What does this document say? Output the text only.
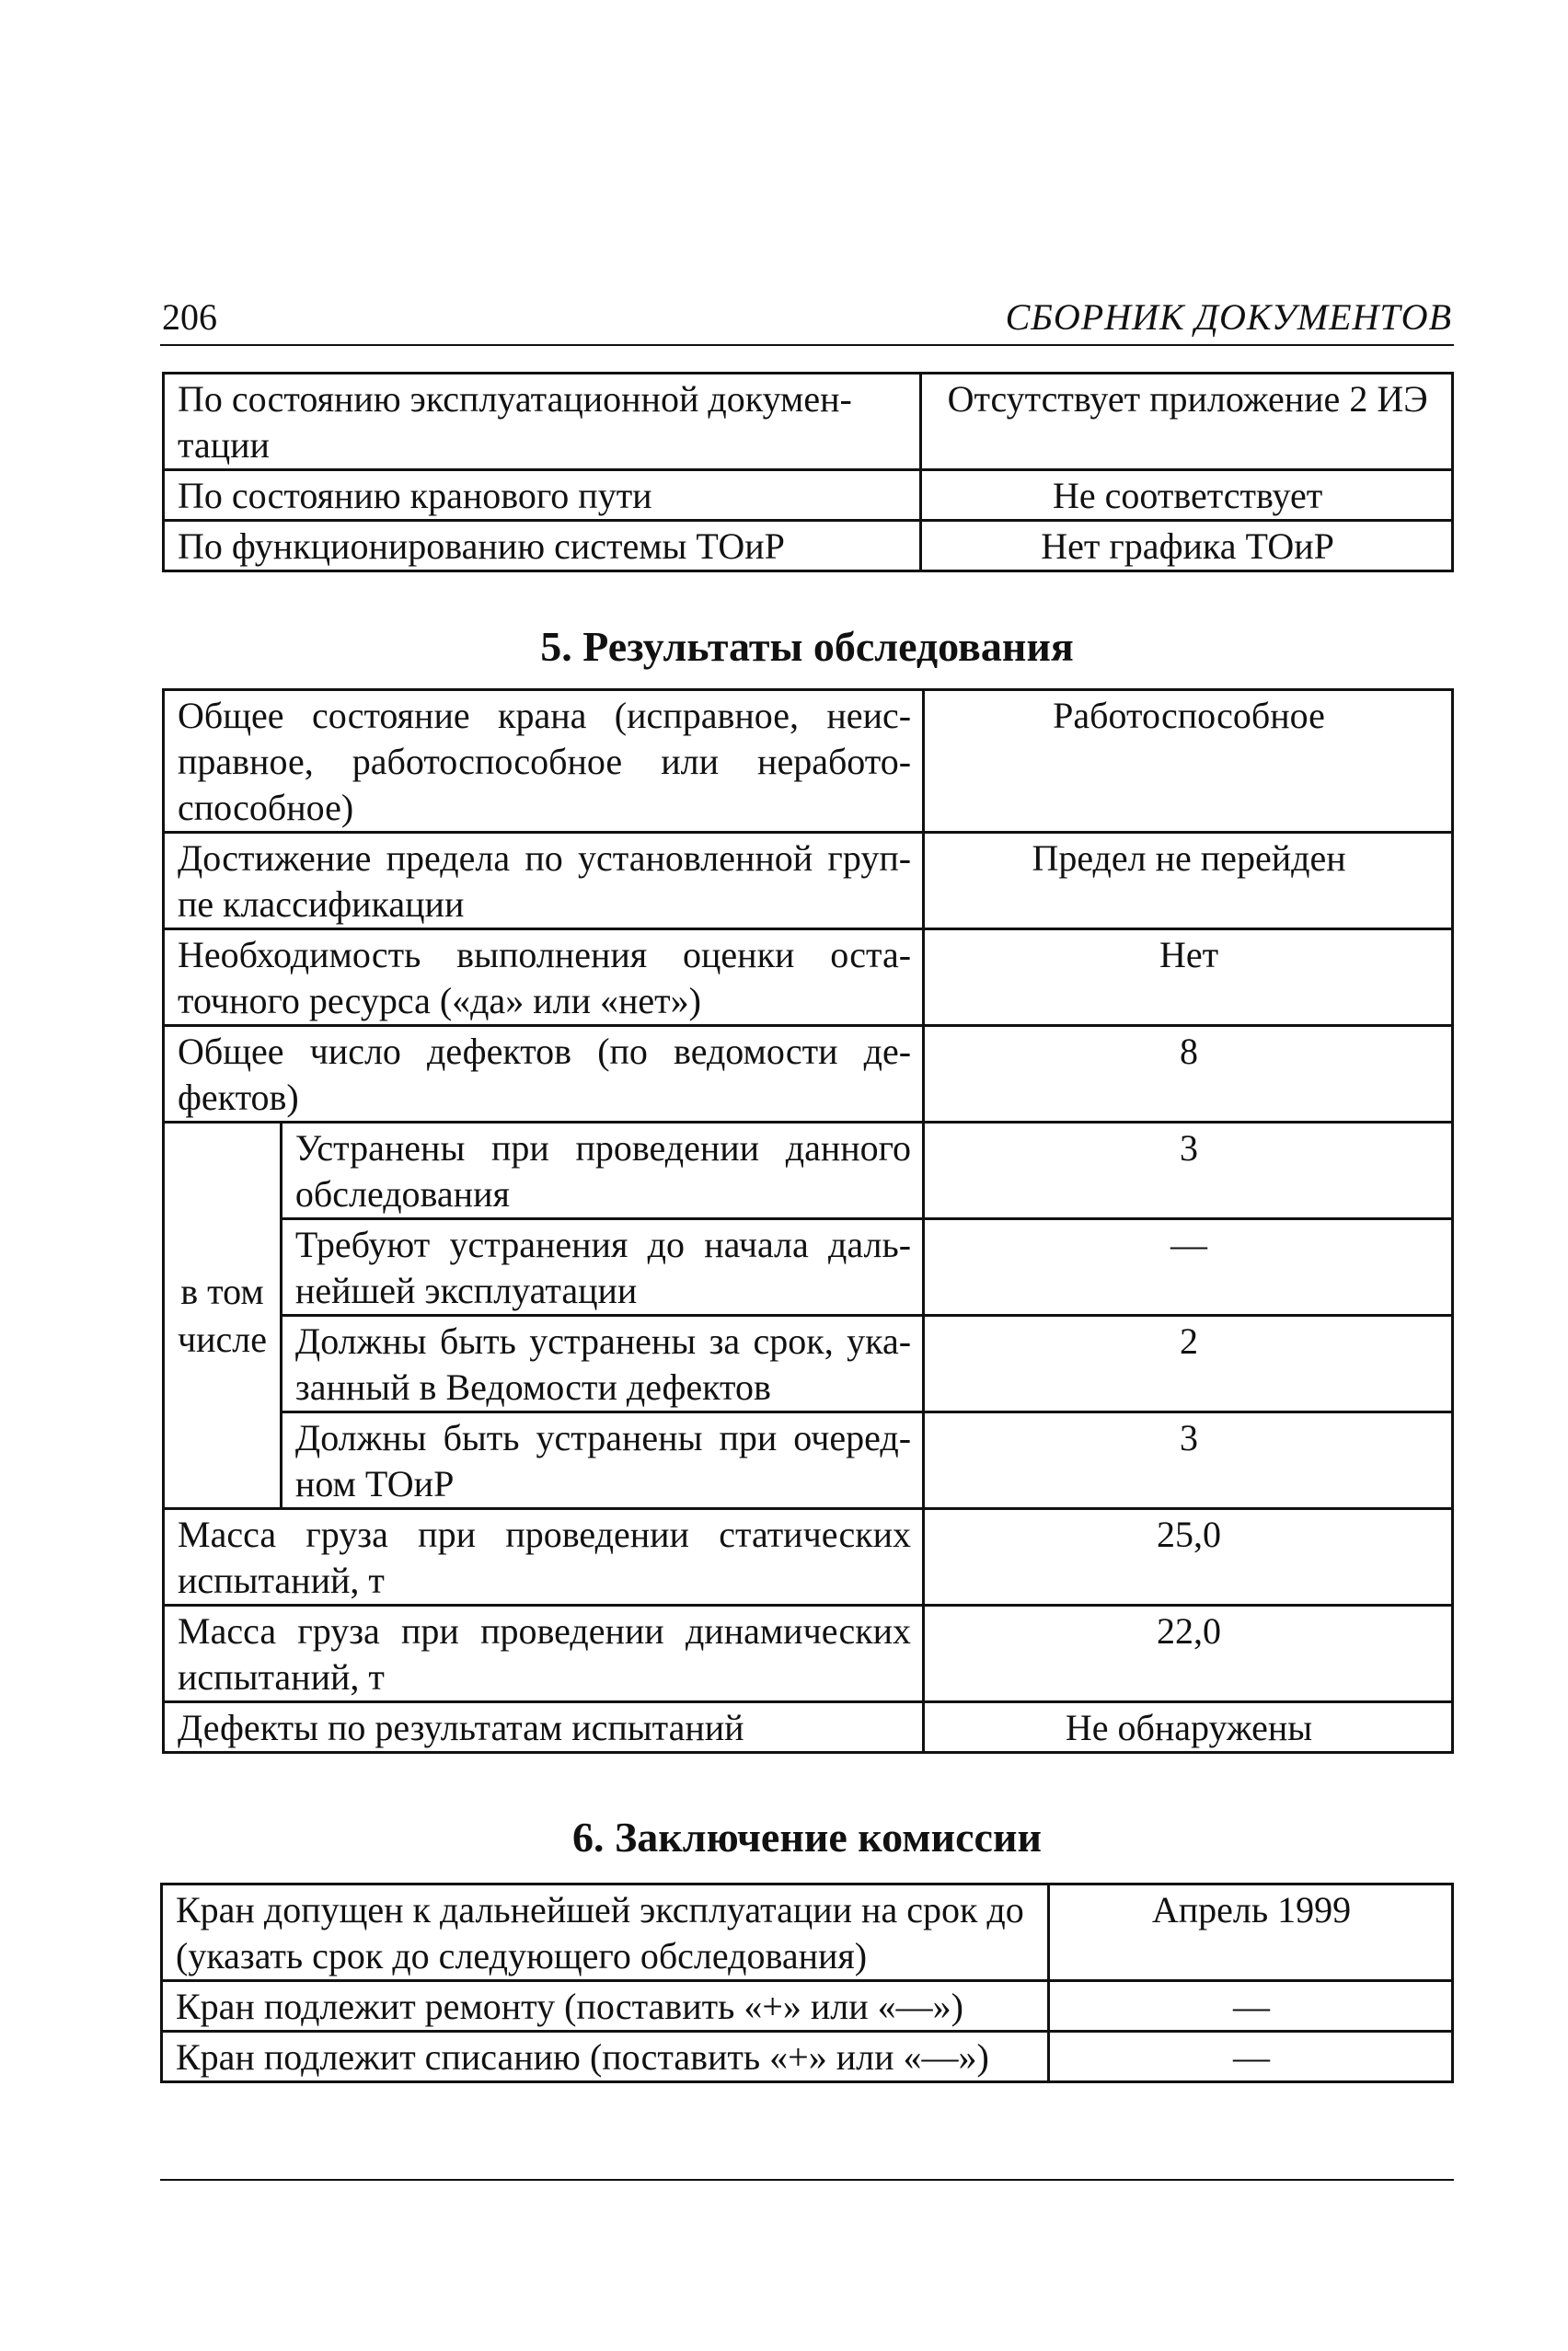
206	СБОРНИК ДОКУМЕНТОВ
По состоянию эксплуатационной докумен-тации	Отсутствует приложение 2 ИЭ
По состоянию кранового пути	Не соответствует
По функционированию системы ТОиР	Нет графика ТОиР
5. Результаты обследования
Общее состояние крана (исправное, неис-правное, работоспособное или неработо-способное)		Работоспособное
Достижение предела по установленной груп-пе классификации		Предел не перейден
Необходимость выполнения оценки оста-точного ресурса («да» или «нет»)		Нет
Общее число дефектов (по ведомости де-фектов)		8
в том числе	Устранены при проведении данного обследования	3
	Требуют устранения до начала даль-нейшей эксплуатации	—
	Должны быть устранены за срок, ука-занный в Ведомости дефектов	2
	Должны быть устранены при очеред-ном ТОиР	3
Масса груза при проведении статических испытаний, т		25,0
Масса груза при проведении динамических испытаний, т		22,0
Дефекты по результатам испытаний		Не обнаружены
6. Заключение комиссии
Кран допущен к дальнейшей эксплуатации на срок до (указать срок до следующего обследования)	Апрель 1999
Кран подлежит ремонту (поставить «+» или «—»)	—
Кран подлежит списанию (поставить «+» или «—»)	—
